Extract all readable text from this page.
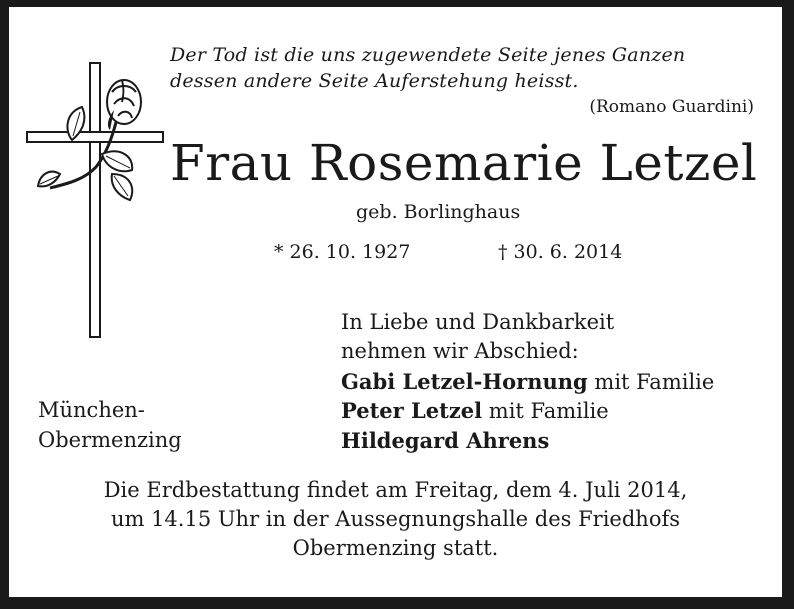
Der Tod ist die uns zugewendete Seite jenes Ganzen
dessen andere Seite Auferstehung heisst.
(Romano Guardini)
Frau Rosemarie Letzel
geb. Borlinghaus
* 26. 10. 1927	† 30. 6. 2014
In Liebe und Dankbarkeit
nehmen wir Abschied:
Gabi Letzel-Hornung mit Familie
Peter Letzel mit Familie
Hildegard Ahrens
München-
Obermenzing
Die Erdbestattung findet am Freitag, dem 4. Juli 2014,
um 14.15 Uhr in der Aussegnungshalle des Friedhofs
Obermenzing statt.
